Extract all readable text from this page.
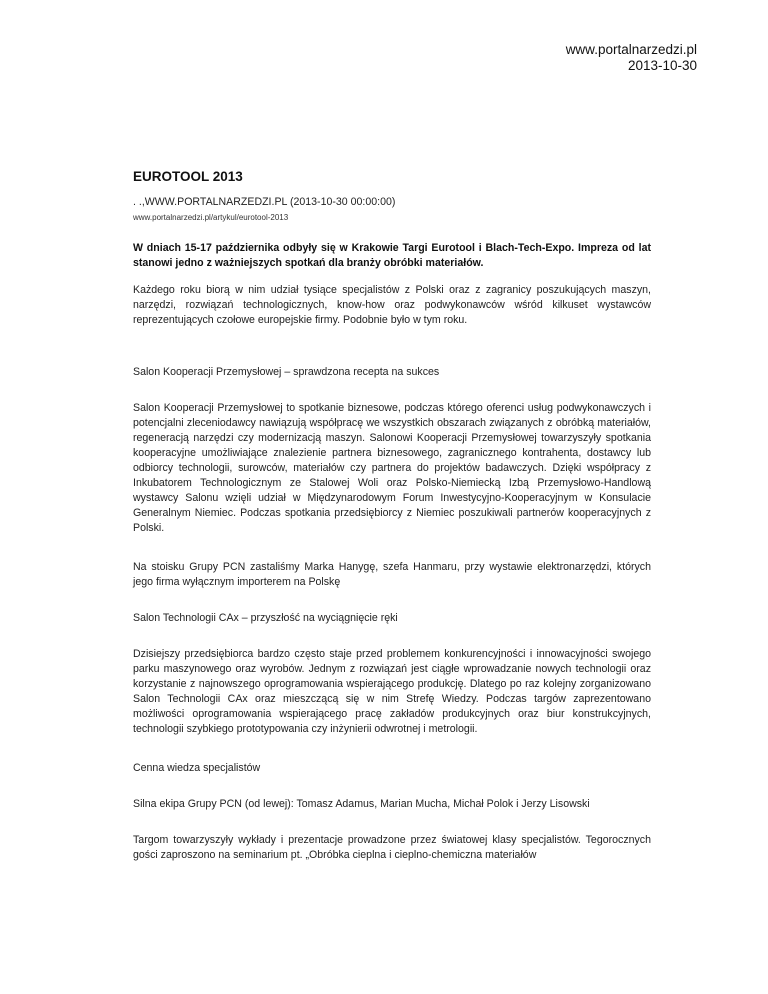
www.portalnarzedzi.pl
2013-10-30
EUROTOOL 2013

. .,WWW.PORTALNARZEDZI.PL (2013-10-30 00:00:00)

www.portalnarzedzi.pl/artykul/eurotool-2013

W dniach 15-17 października odbyły się w Krakowie Targi Eurotool i Blach-Tech-Expo. Impreza od lat stanowi jedno z ważniejszych spotkań dla branży obróbki materiałów.

Każdego roku biorą w nim udział tysiące specjalistów z Polski oraz z zagranicy poszukujących maszyn, narzędzi, rozwiązań technologicznych, know-how oraz podwykonawców wśród kilkuset wystawców reprezentujących czołowe europejskie firmy. Podobnie było w tym roku.

Salon Kooperacji Przemysłowej – sprawdzona recepta na sukces

Salon Kooperacji Przemysłowej to spotkanie biznesowe, podczas którego oferenci usług podwykonawczych i potencjalni zleceniodawcy nawiązują współpracę we wszystkich obszarach związanych z obróbką materiałów, regeneracją narzędzi czy modernizacją maszyn. Salonowi Kooperacji Przemysłowej towarzyszyły spotkania kooperacyjne umożliwiające znalezienie partnera biznesowego, zagranicznego kontrahenta, dostawcy lub odbiorcy technologii, surowców, materiałów czy partnera do projektów badawczych. Dzięki współpracy z Inkubatorem Technologicznym ze Stalowej Woli oraz Polsko-Niemiecką Izbą Przemysłowo-Handlową wystawcy Salonu wzięli udział w Międzynarodowym Forum Inwestycyjno-Kooperacyjnym w Konsulacie Generalnym Niemiec. Podczas spotkania przedsiębiorcy z Niemiec poszukiwali partnerów kooperacyjnych z Polski.

Na stoisku Grupy PCN zastaliśmy Marka Hanygę, szefa Hanmaru, przy wystawie elektronarzędzi, których jego firma wyłącznym importerem na Polskę

Salon Technologii CAx – przyszłość na wyciągnięcie ręki

Dzisiejszy przedsiębiorca bardzo często staje przed problemem konkurencyjności i innowacyjności swojego parku maszynowego oraz wyrobów. Jednym z rozwiązań jest ciągłe wprowadzanie nowych technologii oraz korzystanie z najnowszego oprogramowania wspierającego produkcję. Dlatego po raz kolejny zorganizowano Salon Technologii CAx oraz mieszczącą się w nim Strefę Wiedzy. Podczas targów zaprezentowano możliwości oprogramowania wspierającego pracę zakładów produkcyjnych oraz biur konstrukcyjnych, technologii szybkiego prototypowania czy inżynierii odwrotnej i metrologii.

Cenna wiedza specjalistów

Silna ekipa Grupy PCN (od lewej): Tomasz Adamus, Marian Mucha, Michał Polok i Jerzy Lisowski

Targom towarzyszyły wykłady i prezentacje prowadzone przez światowej klasy specjalistów. Tegorocznych gości zaproszono na seminarium pt. „Obróbka cieplna i cieplno-chemiczna materiałów
